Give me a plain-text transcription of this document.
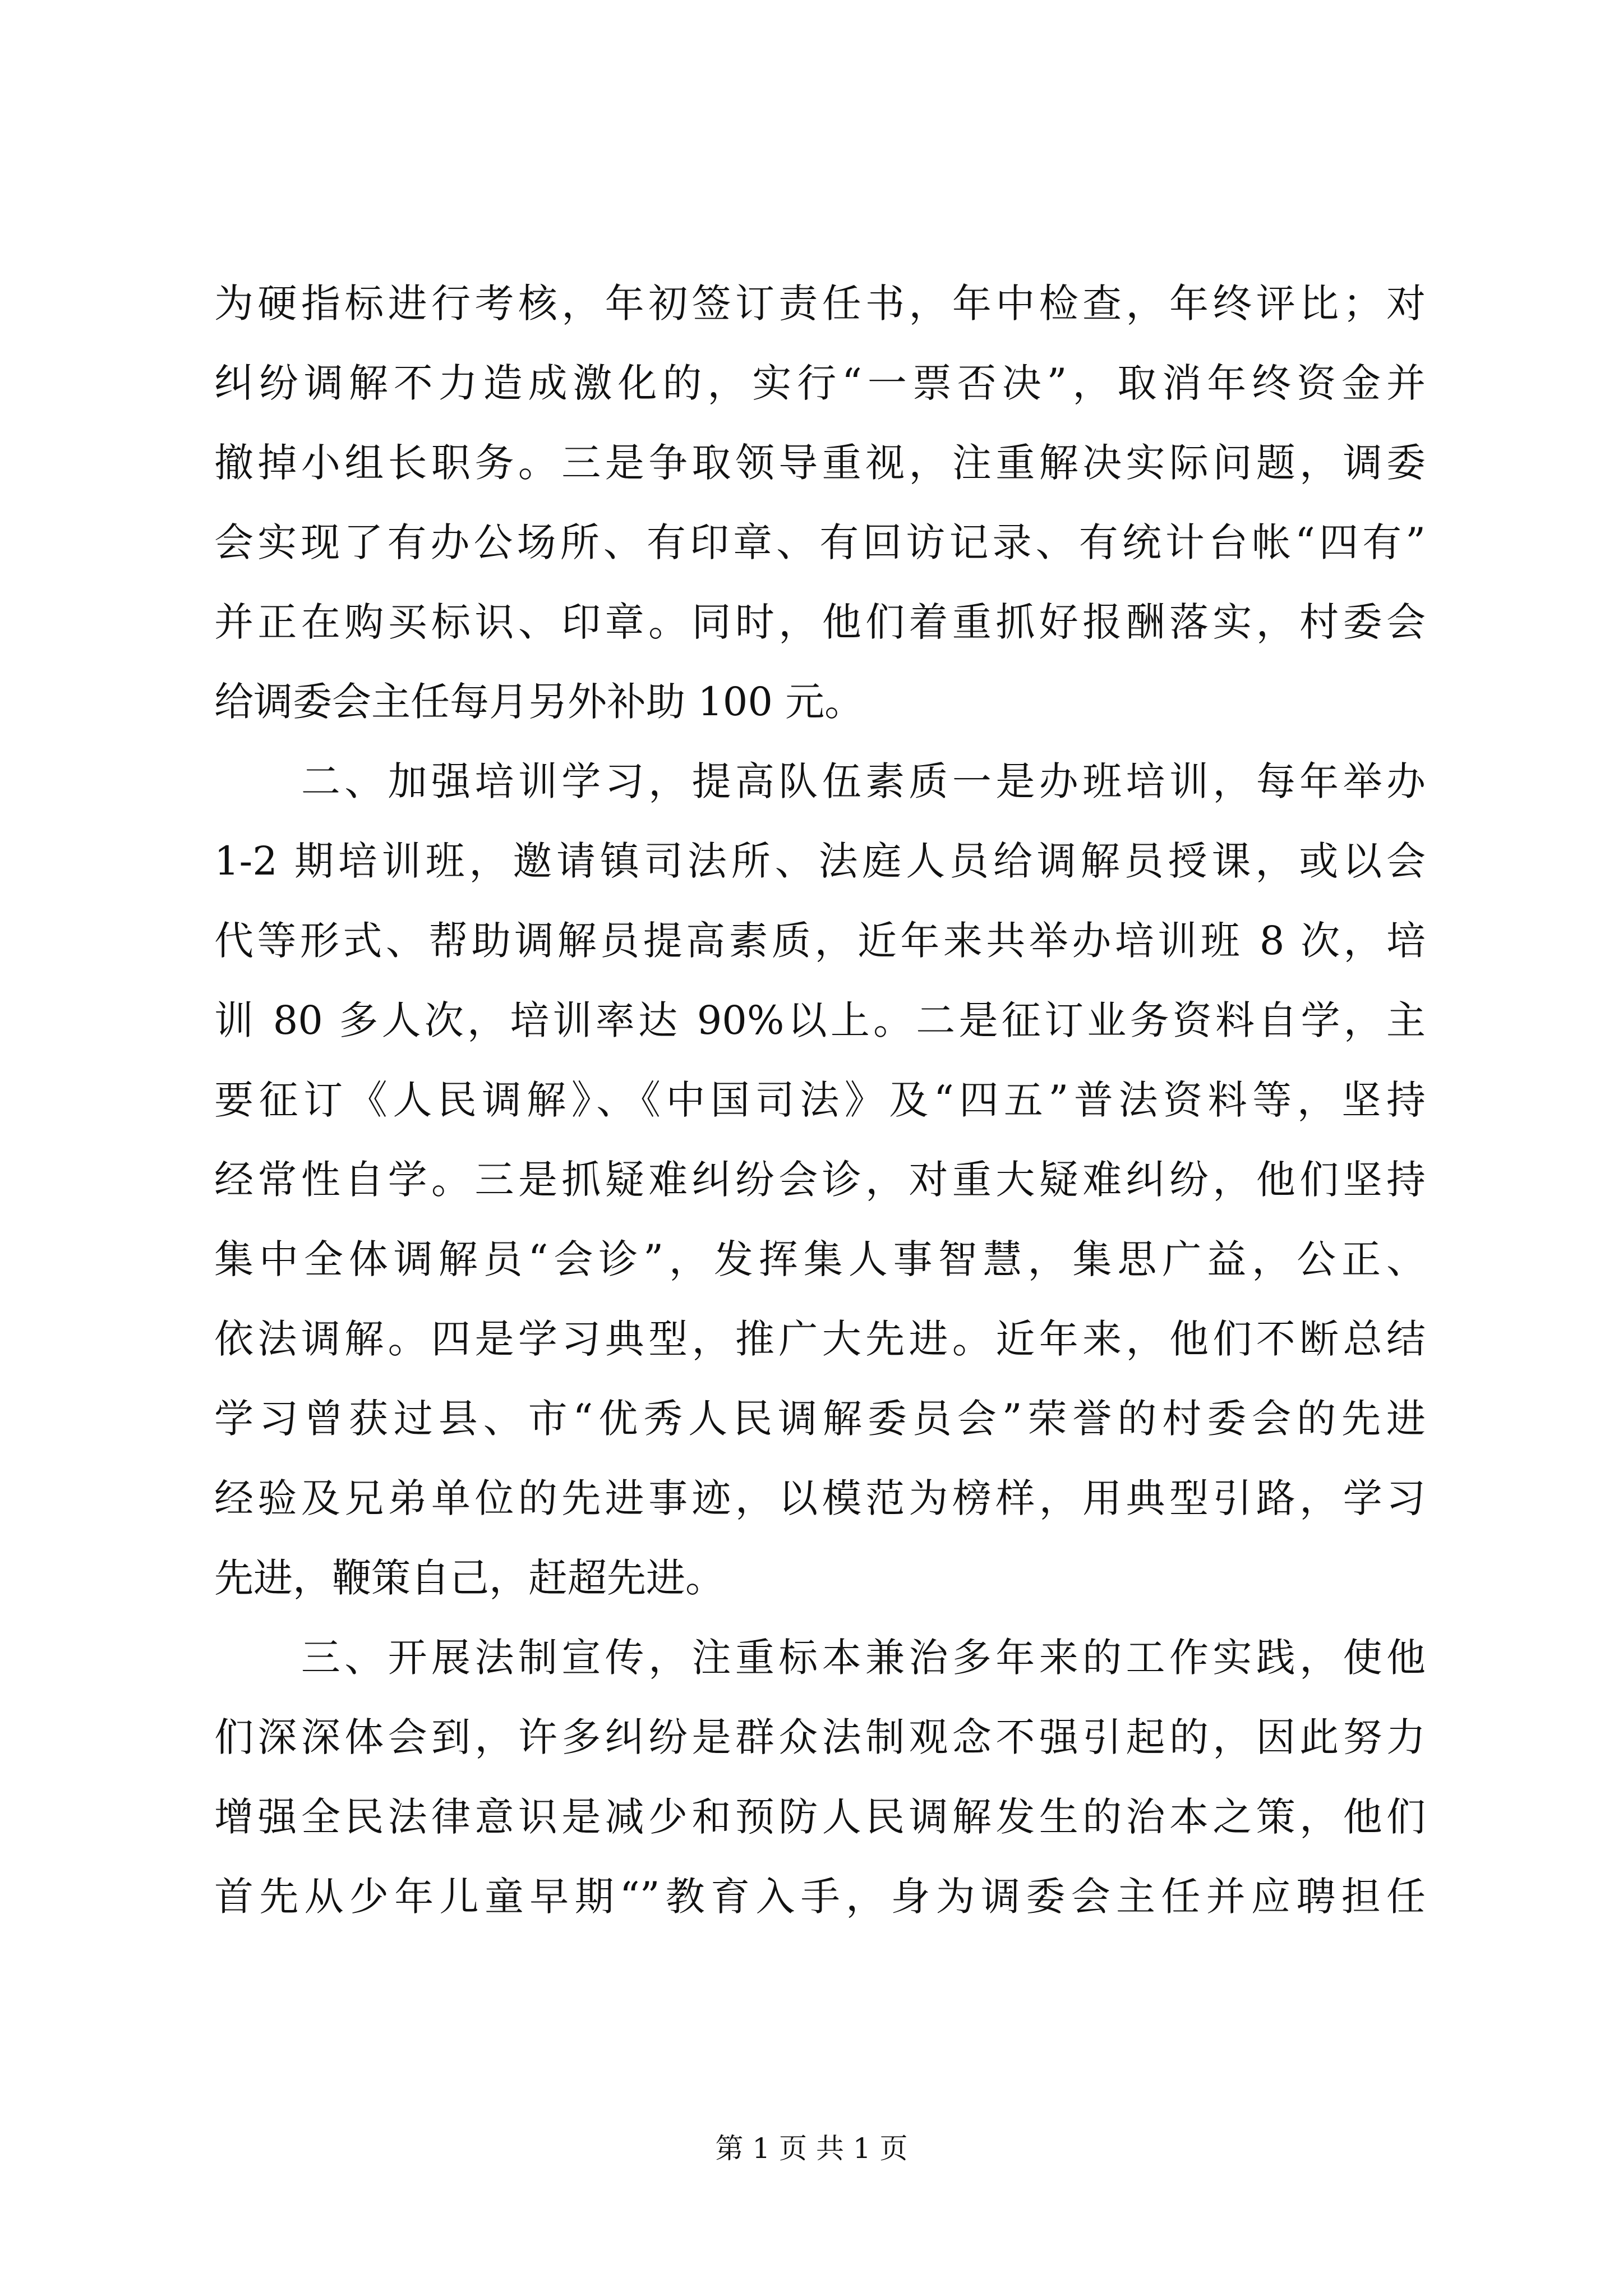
为硬指标进行考核，年初签订责任书，年中检查，年终评比；对
纠纷调解不力造成激化的，实行“一票否决”，取消年终资金并
撤掉小组长职务。三是争取领导重视，注重解决实际问题，调委
会实现了有办公场所、有印章、有回访记录、有统计台帐“四有”
并正在购买标识、印章。同时，他们着重抓好报酬落实，村委会
给调委会主任每月另外补助 100 元。
　　二、加强培训学习，提高队伍素质一是办班培训，每年举办
1-2 期培训班，邀请镇司法所、法庭人员给调解员授课，或以会
代等形式、帮助调解员提高素质，近年来共举办培训班 8 次，培
训 80 多人次，培训率达 90%以上。二是征订业务资料自学，主
要征订《人民调解》、《中国司法》及“四五”普法资料等，坚持
经常性自学。三是抓疑难纠纷会诊，对重大疑难纠纷，他们坚持
集中全体调解员“会诊”，发挥集人事智慧，集思广益，公正、
依法调解。四是学习典型，推广大先进。近年来，他们不断总结
学习曾获过县、市“优秀人民调解委员会”荣誉的村委会的先进
经验及兄弟单位的先进事迹，以模范为榜样，用典型引路，学习
先进，鞭策自己，赶超先进。
　　三、开展法制宣传，注重标本兼治多年来的工作实践，使他
们深深体会到，许多纠纷是群众法制观念不强引起的，因此努力
增强全民法律意识是减少和预防人民调解发生的治本之策，他们
首先从少年儿童早期“”教育入手，身为调委会主任并应聘担任
第 1 页 共 1 页
